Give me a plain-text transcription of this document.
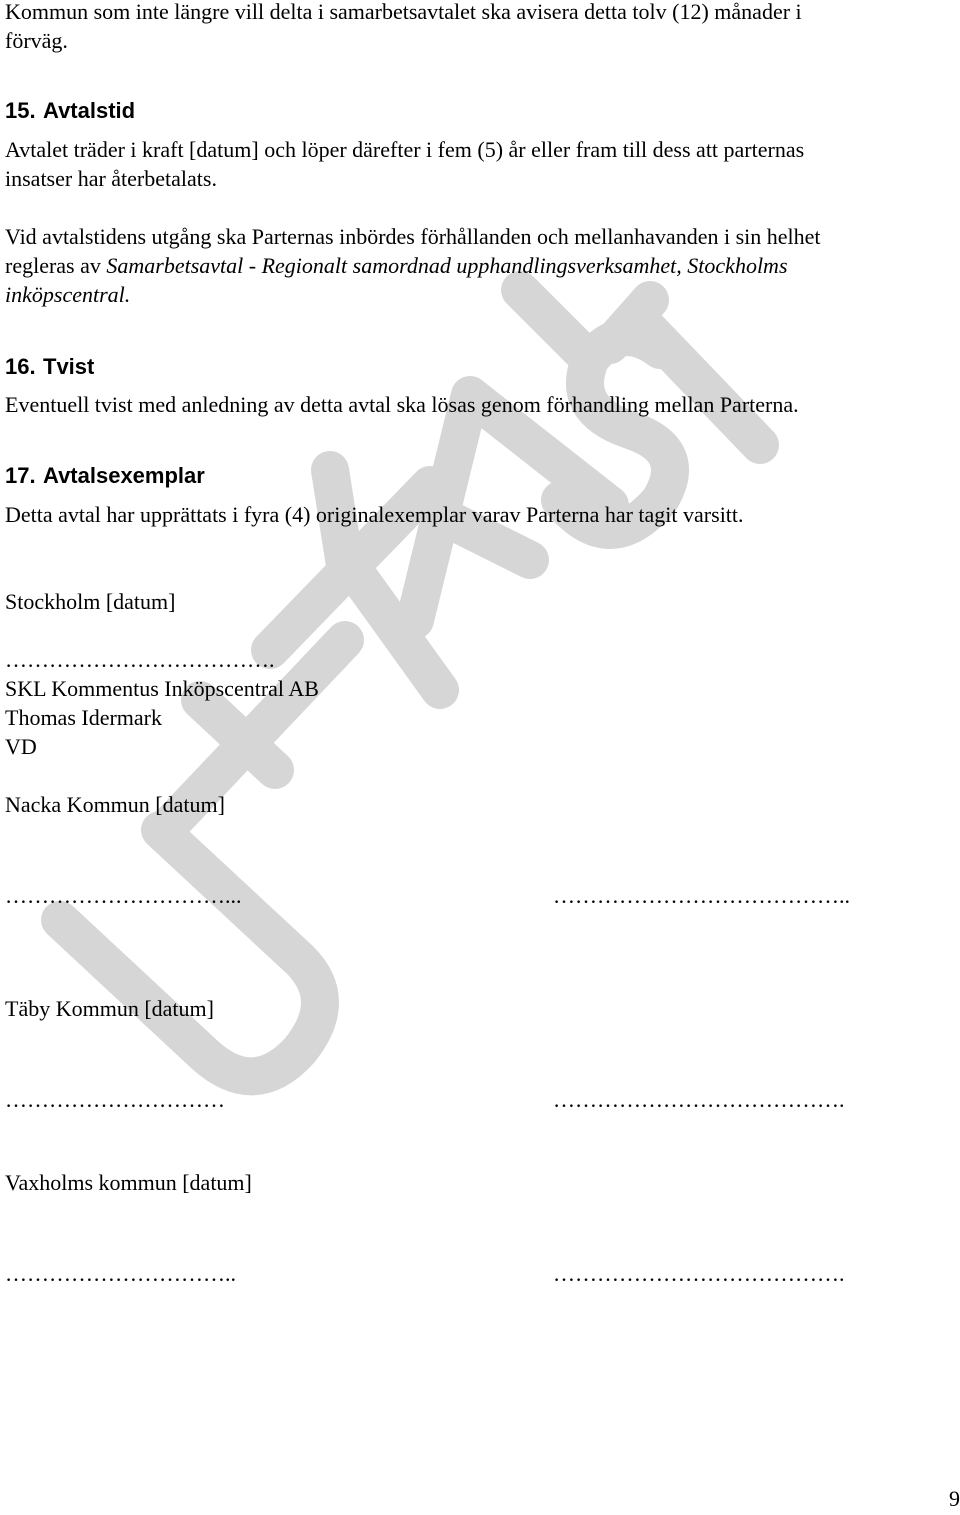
Kommun som inte längre vill delta i samarbetsavtalet ska avisera detta tolv (12) månader i

förväg.

15. Avtalstid

Avtalet träder i kraft [datum] och löper därefter i fem (5) år eller fram till dess att parternas

insatser har återbetalats.

Vid avtalstidens utgång ska Parternas inbördes förhållanden och mellanhavanden i sin helhet

regleras av Samarbetsavtal - Regionalt samordnad upphandlingsverksamhet, Stockholms

inköpscentral.

16. Tvist

Eventuell tvist med anledning av detta avtal ska lösas genom förhandling mellan Parterna.

17. Avtalsexemplar

Detta avtal har upprättats i fyra (4) originalexemplar varav Parterna har tagit varsitt.

Stockholm [datum]

……………………………….

SKL Kommentus Inköpscentral AB

Thomas Idermark

VD

Nacka Kommun [datum]

…………………………...	…………………………………..

Täby Kommun [datum]

…………………………	………………………………….

Vaxholms kommun [datum]

…………………………..	………………………………….

9
